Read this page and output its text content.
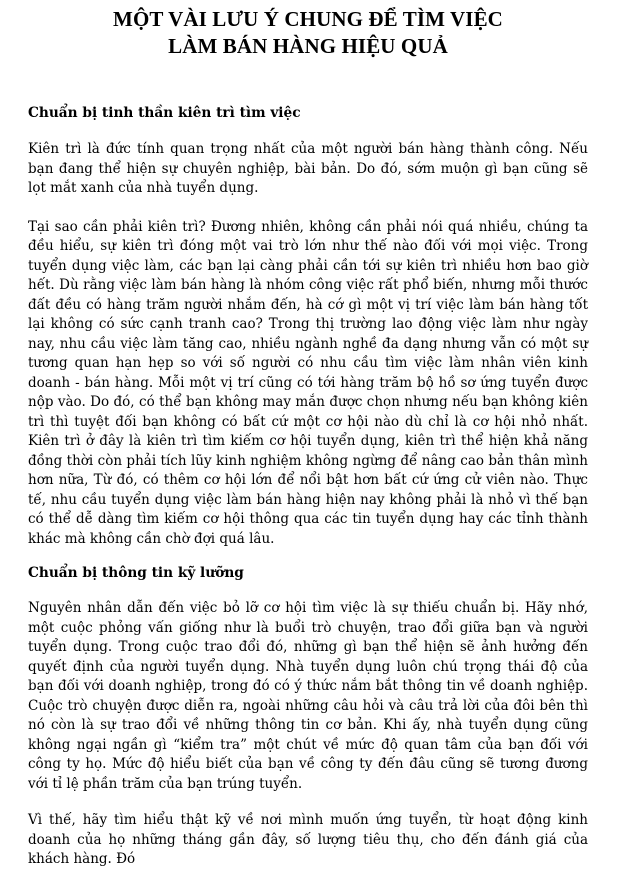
MỘT VÀI LƯU Ý CHUNG ĐỂ TÌM VIỆC
LÀM BÁN HÀNG HIỆU QUẢ
Chuẩn bị tinh thần kiên trì tìm việc

Kiên trì là đức tính quan trọng nhất của một người bán hàng thành công. Nếu bạn đang thể hiện sự chuyên nghiệp, bài bản. Do đó, sớm muộn gì bạn cũng sẽ lọt mắt xanh của nhà tuyển dụng.

Tại sao cần phải kiên trì? Đương nhiên, không cần phải nói quá nhiều, chúng ta đều hiểu, sự kiên trì đóng một vai trò lớn như thế nào đối với mọi việc. Trong tuyển dụng việc làm, các bạn lại càng phải cần tới sự kiên trì nhiều hơn bao giờ hết. Dù rằng việc làm bán hàng là nhóm công việc rất phổ biến, nhưng mỗi thước đất đều có hàng trăm người nhắm đến, hà cớ gì một vị trí việc làm bán hàng tốt lại không có sức cạnh tranh cao? Trong thị trường lao động việc làm như ngày nay, nhu cầu việc làm tăng cao, nhiều ngành nghề đa dạng nhưng vẫn có một sự tương quan hạn hẹp so với số người có nhu cầu tìm việc làm nhân viên kinh doanh - bán hàng. Mỗi một vị trí cũng có tới hàng trăm bộ hồ sơ ứng tuyển được nộp vào. Do đó, có thể bạn không may mắn được chọn nhưng nếu bạn không kiên trì thì tuyệt đối bạn không có bất cứ một cơ hội nào dù chỉ là cơ hội nhỏ nhất. Kiên trì ở đây là kiên trì tìm kiếm cơ hội tuyển dụng, kiên trì thể hiện khả năng đồng thời còn phải tích lũy kinh nghiệm không ngừng để nâng cao bản thân mình hơn nữa, Từ đó, có thêm cơ hội lớn để nổi bật hơn bất cứ ứng cử viên nào. Thực tế, nhu cầu tuyển dụng việc làm bán hàng hiện nay không phải là nhỏ vì thế bạn có thể dễ dàng tìm kiếm cơ hội thông qua các tin tuyển dụng hay các tỉnh thành khác mà không cần chờ đợi quá lâu.

Chuẩn bị thông tin kỹ lưỡng

Nguyên nhân dẫn đến việc bỏ lỡ cơ hội tìm việc là sự thiếu chuẩn bị. Hãy nhớ, một cuộc phỏng vấn giống như là buổi trò chuyện, trao đổi giữa bạn và người tuyển dụng. Trong cuộc trao đổi đó, những gì bạn thể hiện sẽ ảnh hưởng đến quyết định của người tuyển dụng. Nhà tuyển dụng luôn chú trọng thái độ của bạn đối với doanh nghiệp, trong đó có ý thức nắm bắt thông tin về doanh nghiệp. Cuộc trò chuyện được diễn ra, ngoài những câu hỏi và câu trả lời của đôi bên thì nó còn là sự trao đổi về những thông tin cơ bản. Khi ấy, nhà tuyển dụng cũng không ngại ngần gì “kiểm tra” một chút về mức độ quan tâm của bạn đối với công ty họ. Mức độ hiểu biết của bạn về công ty đến đâu cũng sẽ tương đương với tỉ lệ phần trăm của bạn trúng tuyển.

Vì thế, hãy tìm hiểu thật kỹ về nơi mình muốn ứng tuyển, từ hoạt động kinh doanh của họ những tháng gần đây, số lượng tiêu thụ, cho đến đánh giá của khách hàng. Đó
